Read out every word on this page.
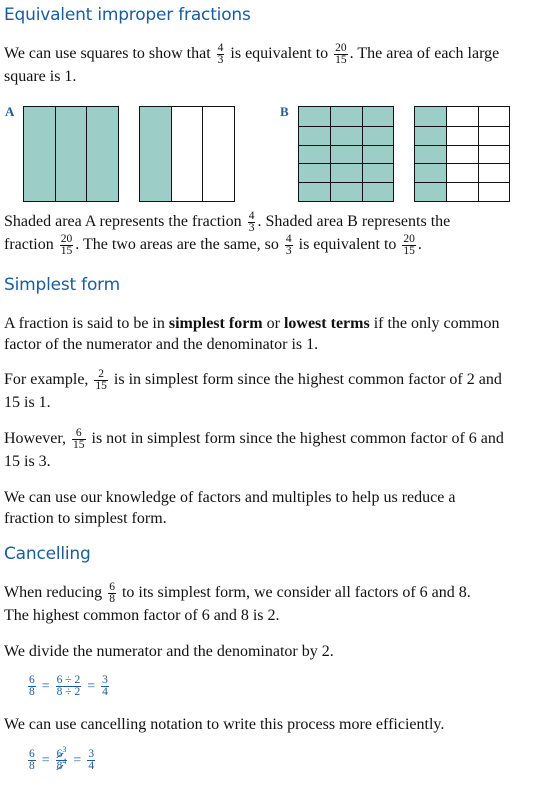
Equivalent improper fractions

We can use squares to show that $\frac{4}{3}$ is equivalent to $\frac{20}{15}$ . The area of each large
square is 1.

A	B

Shaded area A represents the fraction $\frac{4}{3}$ . Shaded area B represents the
fraction $\frac{20}{15}$ . The two areas are the same, so $\frac{4}{3}$ is equivalent to $\frac{20}{15}$ .

Simplest form

A fraction is said to be in simplest form or lowest terms if the only common
factor of the numerator and the denominator is 1.

For example, $\frac{2}{15}$ is in simplest form since the highest common factor of 2 and
15 is 1.

However, $\frac{6}{15}$ is not in simplest form since the highest common factor of 6 and
15 is 3.

We can use our knowledge of factors and multiples to help us reduce a
fraction to simplest form.

Cancelling

When reducing $\frac{6}{8}$ to its simplest form, we consider all factors of 6 and 8.
The highest common factor of 6 and 8 is 2.

We divide the numerator and the denominator by 2.

$\frac{6}{8} = \frac{6 \div 2}{8 \div 2} = \frac{3}{4}$

We can use cancelling notation to write this process more efficiently.

$\frac{6}{8} = \frac{6^3}{8^4} = \frac{3}{4}$
